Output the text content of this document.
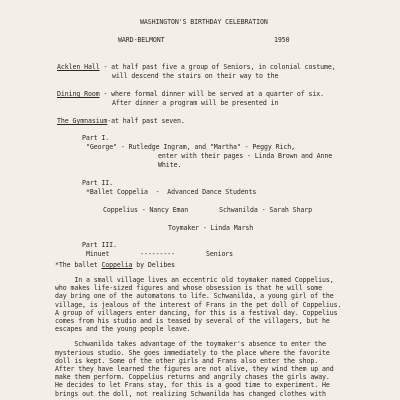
WASHINGTON'S BIRTHDAY CELEBRATION
WARD-BELMONT	1950
Acklen Hall - at half past five a group of Seniors, in colonial costume,
will descend the stairs on their way to the
Dining Room - where formal dinner will be served at a quarter of six.
After dinner a program will be presented in
The Gymnasium-at half past seven.
Part I.
"George" - Rutledge Ingram, and "Martha" - Peggy Rich,
enter with their pages - Linda Brown and Anne
White.
Part II.
*Ballet Coppelia  -  Advanced Dance Students
Coppelius - Nancy Eman        Schwanilda - Sarah Sharp
Toymaker - Linda Marsh
Part III.
Minuet        ---------        Seniors
*The ballet Coppelia by Delibes
In a small village lives an eccentric old toymaker named Coppelius,
who makes life-sized figures and whose obsession is that he will some
day bring one of the automatons to life. Schwanilda, a young girl of the
village, is jealous of the interest of Frans in the pet doll of Coppelius.
A group of villagers enter dancing, for this is a festival day. Coppelius
comes from his studio and is teased by several of the villagers, but he
escapes and the young people leave.
Schwanilda takes advantage of the toymaker's absence to enter the
mysterious studio. She goes immediately to the place where the favorite
doll is kept. Some of the other girls and Frans also enter the shop.
After they have learned the figures are not alive, they wind them up and
make them perform. Coppelius returns and angrily chases the girls away.
He decides to let Frans stay, for this is a good time to experiment. He
brings out the doll, not realizing Schwanilda has changed clothes with
